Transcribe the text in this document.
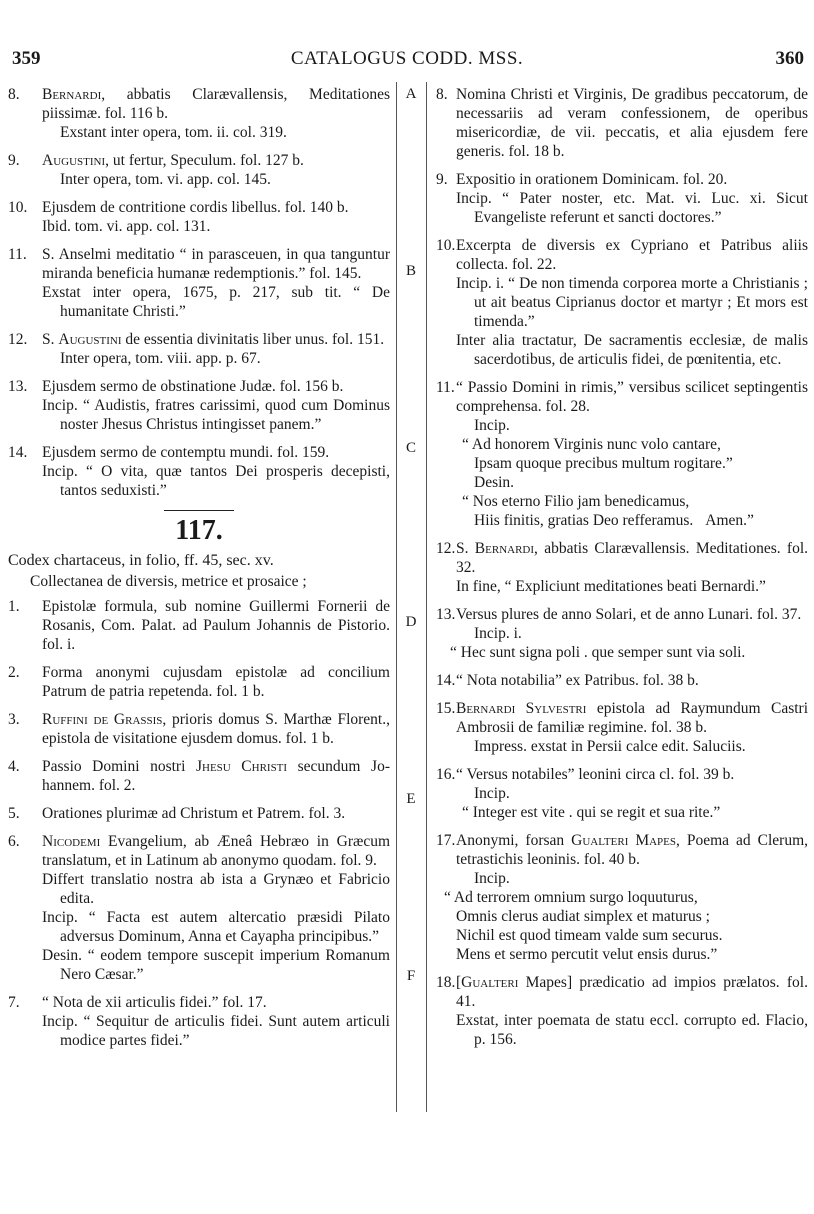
359	CATALOGUS CODD. MSS.	360
A
B
C
D
E
F

8. Bernardi, abbatis Clarævallensis, Meditationes piissimæ. fol. 116 b.

Exstant inter opera, tom. ii. col. 319.

9. Augustini, ut fertur, Speculum. fol. 127 b.

Inter opera, tom. vi. app. col. 145.

10. Ejusdem de contritione cordis libellus. fol. 140 b.

Ibid. tom. vi. app. col. 131.

11. S. Anselmi meditatio “ in parasceuen, in qua tanguntur miranda beneficia humanæ redemptionis.” fol. 145.

Exstat inter opera, 1675, p. 217, sub tit. “ De humanitate Christi.”

12. S. Augustini de essentia divinitatis liber unus. fol. 151.

Inter opera, tom. viii. app. p. 67.

13. Ejusdem sermo de obstinatione Judæ. fol. 156 b.

Incip. “ Audistis, fratres carissimi, quod cum Dominus noster Jhesus Christus intingisset panem.”

14. Ejusdem sermo de contemptu mundi. fol. 159.

Incip. “ O vita, quæ tantos Dei prosperis decepisti, tantos seduxisti.”

117.
Codex chartaceus, in folio, ff. 45, sec. xv.
Collectanea de diversis, metrice et prosaice ;

1. Epistolæ formula, sub nomine Guillermi Fornerii de Rosanis, Com. Palat. ad Paulum Johannis de Pistorio. fol. i.

2. Forma anonymi cujusdam epistolæ ad concilium Patrum de patria repetenda. fol. 1 b.

3. Ruffini de Grassis, prioris domus S. Marthæ Florent., epistola de visitatione ejusdem domus. fol. 1 b.

4. Passio Domini nostri Jhesu Christi secundum Johannem. fol. 2.

5. Orationes plurimæ ad Christum et Patrem. fol. 3.

6. Nicodemi Evangelium, ab Æneâ Hebræo in Græcum translatum, et in Latinum ab anonymo quodam. fol. 9.

Differt translatio nostra ab ista a Grynæo et Fabricio edita.

Incip. “ Facta est autem altercatio præsidi Pilato adversus Dominum, Anna et Cayapha principibus.”

Desin. “ eodem tempore suscepit imperium Romanum Nero Cæsar.”

7. “ Nota de xii articulis fidei.” fol. 17.

Incip. “ Sequitur de articulis fidei. Sunt autem articuli modice partes fidei.”

8. Nomina Christi et Virginis, De gradibus peccatorum, de necessariis ad veram confessionem, de operibus misericordiæ, de vii. peccatis, et alia ejusdem fere generis. fol. 18 b.

9. Expositio in orationem Dominicam. fol. 20.

Incip. “ Pater noster, etc. Mat. vi. Luc. xi. Sicut Evangeliste referunt et sancti doctores.”

10.Excerpta de diversis ex Cypriano et Patribus aliis collecta. fol. 22.

Incip. i. “ De non timenda corporea morte a Christianis ; ut ait beatus Ciprianus doctor et martyr ; Et mors est timenda.”

Inter alia tractatur, De sacramentis ecclesiæ, de malis sacerdotibus, de articulis fidei, de pœnitentia, etc.

11.“ Passio Domini in rimis,” versibus scilicet septingentis comprehensa. fol. 28.

Incip.

“ Ad honorem Virginis nunc volo cantare,

Ipsam quoque precibus multum rogitare.”

Desin.

“ Nos eterno Filio jam benedicamus,

Hiis finitis, gratias Deo refferamus. Amen.”

12.S. Bernardi, abbatis Clarævallensis. Meditationes. fol. 32.

In fine, “ Expliciunt meditationes beati Bernardi.”

13.Versus plures de anno Solari, et de anno Lunari. fol. 37.

Incip. i.

“ Hec sunt signa poli . que semper sunt via soli.

14.“ Nota notabilia” ex Patribus. fol. 38 b.

15.Bernardi Sylvestri epistola ad Raymundum Castri Ambrosii de familiæ regimine. fol. 38 b.

Impress. exstat in Persii calce edit. Saluciis.

16.“ Versus notabiles” leonini circa cl. fol. 39 b.

Incip.

“ Integer est vite . qui se regit et sua rite.”

17.Anonymi, forsan Gualteri Mapes, Poema ad Clerum, tetrastichis leoninis. fol. 40 b.

Incip.

“ Ad terrorem omnium surgo loquuturus,

Omnis clerus audiat simplex et maturus ;

Nichil est quod timeam valde sum securus.

Mens et sermo percutit velut ensis durus.”

18.[Gualteri Mapes] prædicatio ad impios prælatos. fol. 41.

Exstat, inter poemata de statu eccl. corrupto ed. Flacio, p. 156.
